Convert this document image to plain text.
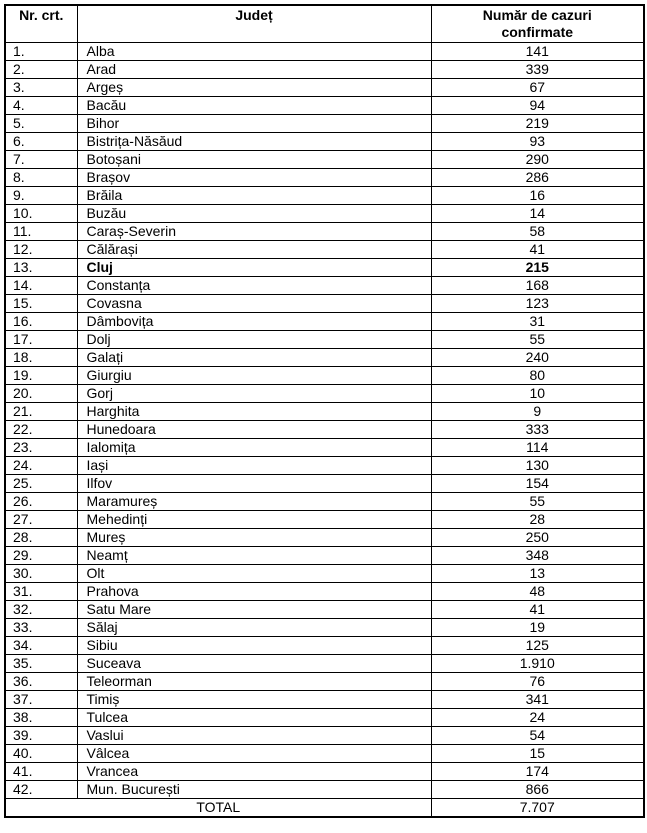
Nr. crt.	Județ	Număr de cazuri confirmate
1.	Alba	141
2.	Arad	339
3.	Argeș	67
4.	Bacău	94
5.	Bihor	219
6.	Bistrița-Năsăud	93
7.	Botoșani	290
8.	Brașov	286
9.	Brăila	16
10.	Buzău	14
11.	Caraș-Severin	58
12.	Călărași	41
13.	Cluj	215
14.	Constanța	168
15.	Covasna	123
16.	Dâmbovița	31
17.	Dolj	55
18.	Galați	240
19.	Giurgiu	80
20.	Gorj	10
21.	Harghita	9
22.	Hunedoara	333
23.	Ialomița	114
24.	Iași	130
25.	Ilfov	154
26.	Maramureș	55
27.	Mehedinți	28
28.	Mureș	250
29.	Neamț	348
30.	Olt	13
31.	Prahova	48
32.	Satu Mare	41
33.	Sălaj	19
34.	Sibiu	125
35.	Suceava	1.910
36.	Teleorman	76
37.	Timiș	341
38.	Tulcea	24
39.	Vaslui	54
40.	Vâlcea	15
41.	Vrancea	174
42.	Mun. București	866
TOTAL		7.707
